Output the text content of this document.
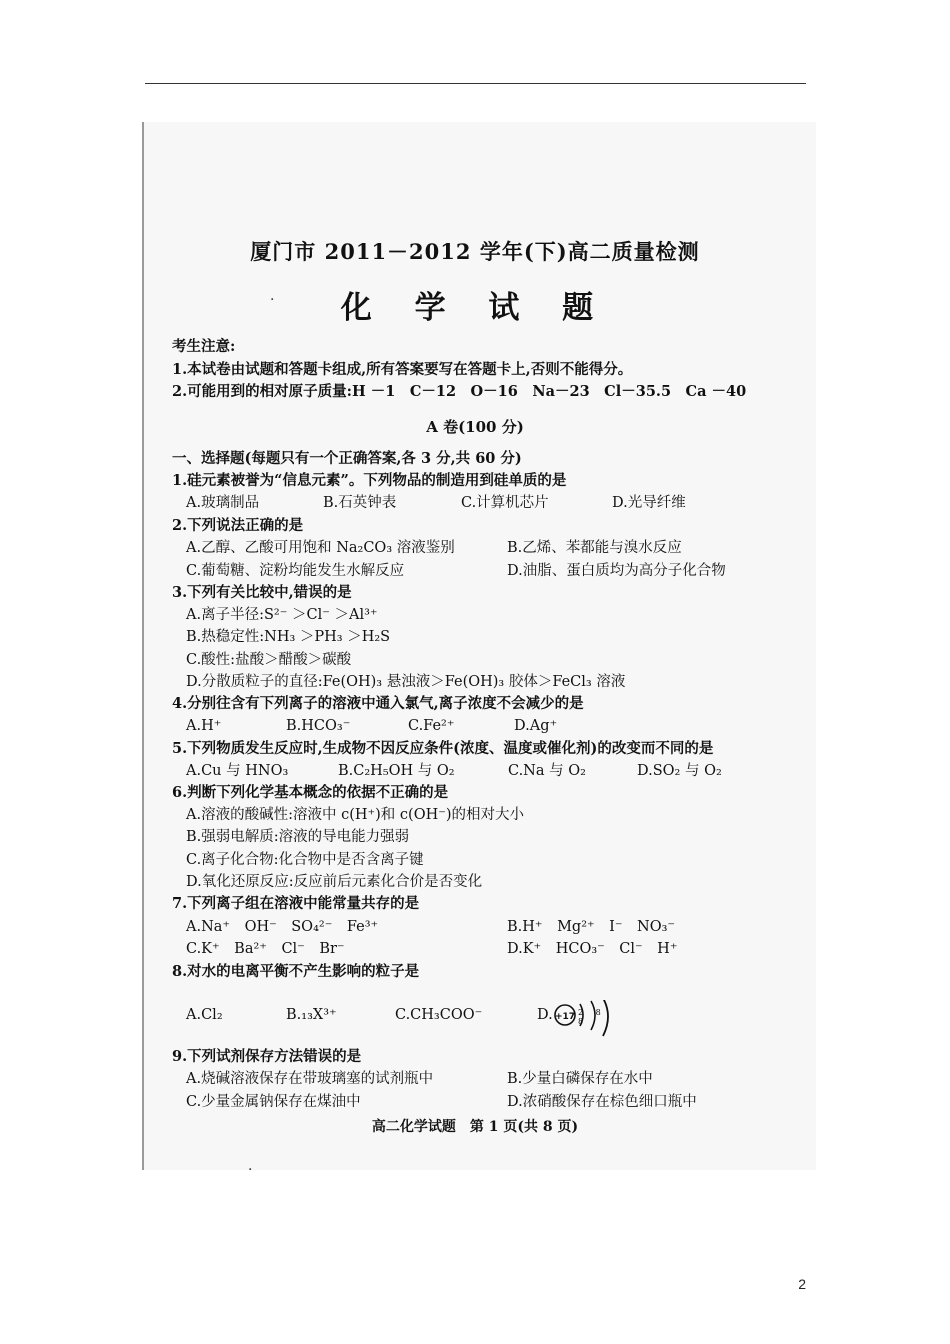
·
·
厦门市 2011－2012 学年(下)高二质量检测
化 学 试 题
考生注意:
1.本试卷由试题和答题卡组成,所有答案要写在答题卡上,否则不能得分。
2.可能用到的相对原子质量:H －1　C－12　O－16　Na－23　Cl－35.5　Ca －40
A 卷(100 分)
一、选择题(每题只有一个正确答案,各 3 分,共 60 分)
1.硅元素被誉为“信息元素”。下列物品的制造用到硅单质的是
A.玻璃制品	B.石英钟表	C.计算机芯片	D.光导纤维
2.下列说法正确的是
A.乙醇、乙酸可用饱和 Na₂CO₃ 溶液鉴别	B.乙烯、苯都能与溴水反应
C.葡萄糖、淀粉均能发生水解反应	D.油脂、蛋白质均为高分子化合物
3.下列有关比较中,错误的是
A.离子半径:S²⁻ ＞Cl⁻ ＞Al³⁺
B.热稳定性:NH₃ ＞PH₃ ＞H₂S
C.酸性:盐酸＞醋酸＞碳酸
D.分散质粒子的直径:Fe(OH)₃ 悬浊液＞Fe(OH)₃ 胶体＞FeCl₃ 溶液
4.分别往含有下列离子的溶液中通入氯气,离子浓度不会减少的是
A.H⁺	B.HCO₃⁻	C.Fe²⁺	D.Ag⁺
5.下列物质发生反应时,生成物不因反应条件(浓度、温度或催化剂)的改变而不同的是
A.Cu 与 HNO₃	B.C₂H₅OH 与 O₂	C.Na 与 O₂	D.SO₂ 与 O₂
6.判断下列化学基本概念的依据不正确的是
A.溶液的酸碱性:溶液中 c(H⁺)和 c(OH⁻)的相对大小
B.强弱电解质:溶液的导电能力强弱
C.离子化合物:化合物中是否含离子键
D.氧化还原反应:反应前后元素化合价是否变化
7.下列离子组在溶液中能常量共存的是
A.Na⁺　OH⁻　SO₄²⁻　Fe³⁺	B.H⁺　Mg²⁺　I⁻　NO₃⁻
C.K⁺　Ba²⁺　Cl⁻　Br⁻	D.K⁺　HCO₃⁻　Cl⁻　H⁺
8.对水的电离平衡不产生影响的粒子是
A.Cl₂	B.₁₃X³⁺	C.CH₃COO⁻	D. +17 2 8 8
9.下列试剂保存方法错误的是
A.烧碱溶液保存在带玻璃塞的试剂瓶中	B.少量白磷保存在水中
C.少量金属钠保存在煤油中	D.浓硝酸保存在棕色细口瓶中
高二化学试题　第 1 页(共 8 页)
2
